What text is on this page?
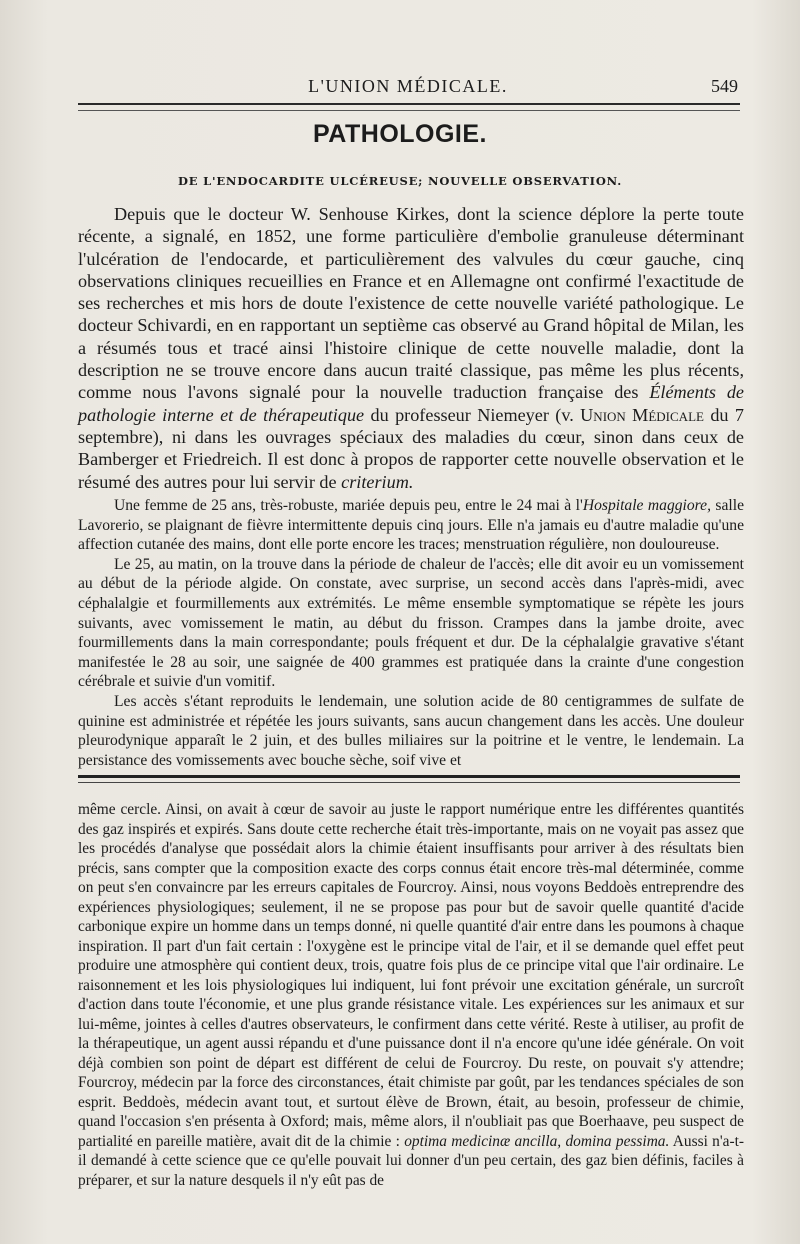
L'UNION MÉDICALE.	549
PATHOLOGIE.
DE L'ENDOCARDITE ULCÉREUSE; NOUVELLE OBSERVATION.

Depuis que le docteur W. Senhouse Kirkes, dont la science déplore la perte toute récente, a signalé, en 1852, une forme particulière d'embolie granuleuse déterminant l'ulcération de l'endocarde, et particulièrement des valvules du cœur gauche, cinq observations cliniques recueillies en France et en Allemagne ont confirmé l'exactitude de ses recherches et mis hors de doute l'existence de cette nouvelle variété pathologique. Le docteur Schivardi, en en rapportant un septième cas observé au Grand hôpital de Milan, les a résumés tous et tracé ainsi l'histoire clinique de cette nouvelle maladie, dont la description ne se trouve encore dans aucun traité classique, pas même les plus récents, comme nous l'avons signalé pour la nouvelle traduction française des Éléments de pathologie interne et de thérapeutique du professeur Niemeyer (v. Union Médicale du 7 septembre), ni dans les ouvrages spéciaux des maladies du cœur, sinon dans ceux de Bamberger et Friedreich. Il est donc à propos de rapporter cette nouvelle observation et le résumé des autres pour lui servir de criterium.

Une femme de 25 ans, très-robuste, mariée depuis peu, entre le 24 mai à l'Hospitale maggiore, salle Lavorerio, se plaignant de fièvre intermittente depuis cinq jours. Elle n'a jamais eu d'autre maladie qu'une affection cutanée des mains, dont elle porte encore les traces; menstruation régulière, non douloureuse.

Le 25, au matin, on la trouve dans la période de chaleur de l'accès; elle dit avoir eu un vomissement au début de la période algide. On constate, avec surprise, un second accès dans l'après-midi, avec céphalalgie et fourmillements aux extrémités. Le même ensemble symptomatique se répète les jours suivants, avec vomissement le matin, au début du frisson. Crampes dans la jambe droite, avec fourmillements dans la main correspondante; pouls fréquent et dur. De la céphalalgie gravative s'étant manifestée le 28 au soir, une saignée de 400 grammes est pratiquée dans la crainte d'une congestion cérébrale et suivie d'un vomitif.

Les accès s'étant reproduits le lendemain, une solution acide de 80 centigrammes de sulfate de quinine est administrée et répétée les jours suivants, sans aucun changement dans les accès. Une douleur pleurodynique apparaît le 2 juin, et des bulles miliaires sur la poitrine et le ventre, le lendemain. La persistance des vomissements avec bouche sèche, soif vive et

même cercle. Ainsi, on avait à cœur de savoir au juste le rapport numérique entre les différentes quantités des gaz inspirés et expirés. Sans doute cette recherche était très-importante, mais on ne voyait pas assez que les procédés d'analyse que possédait alors la chimie étaient insuffisants pour arriver à des résultats bien précis, sans compter que la composition exacte des corps connus était encore très-mal déterminée, comme on peut s'en convaincre par les erreurs capitales de Fourcroy. Ainsi, nous voyons Beddoès entreprendre des expériences physiologiques; seulement, il ne se propose pas pour but de savoir quelle quantité d'acide carbonique expire un homme dans un temps donné, ni quelle quantité d'air entre dans les poumons à chaque inspiration. Il part d'un fait certain : l'oxygène est le principe vital de l'air, et il se demande quel effet peut produire une atmosphère qui contient deux, trois, quatre fois plus de ce principe vital que l'air ordinaire. Le raisonnement et les lois physiologiques lui indiquent, lui font prévoir une excitation générale, un surcroît d'action dans toute l'économie, et une plus grande résistance vitale. Les expériences sur les animaux et sur lui-même, jointes à celles d'autres observateurs, le confirment dans cette vérité. Reste à utiliser, au profit de la thérapeutique, un agent aussi répandu et d'une puissance dont il n'a encore qu'une idée générale. On voit déjà combien son point de départ est différent de celui de Fourcroy. Du reste, on pouvait s'y attendre; Fourcroy, médecin par la force des circonstances, était chimiste par goût, par les tendances spéciales de son esprit. Beddoès, médecin avant tout, et surtout élève de Brown, était, au besoin, professeur de chimie, quand l'occasion s'en présenta à Oxford; mais, même alors, il n'oubliait pas que Boerhaave, peu suspect de partialité en pareille matière, avait dit de la chimie : optima medicinæ ancilla, domina pessima. Aussi n'a-t-il demandé à cette science que ce qu'elle pouvait lui donner d'un peu certain, des gaz bien définis, faciles à préparer, et sur la nature desquels il n'y eût pas de
